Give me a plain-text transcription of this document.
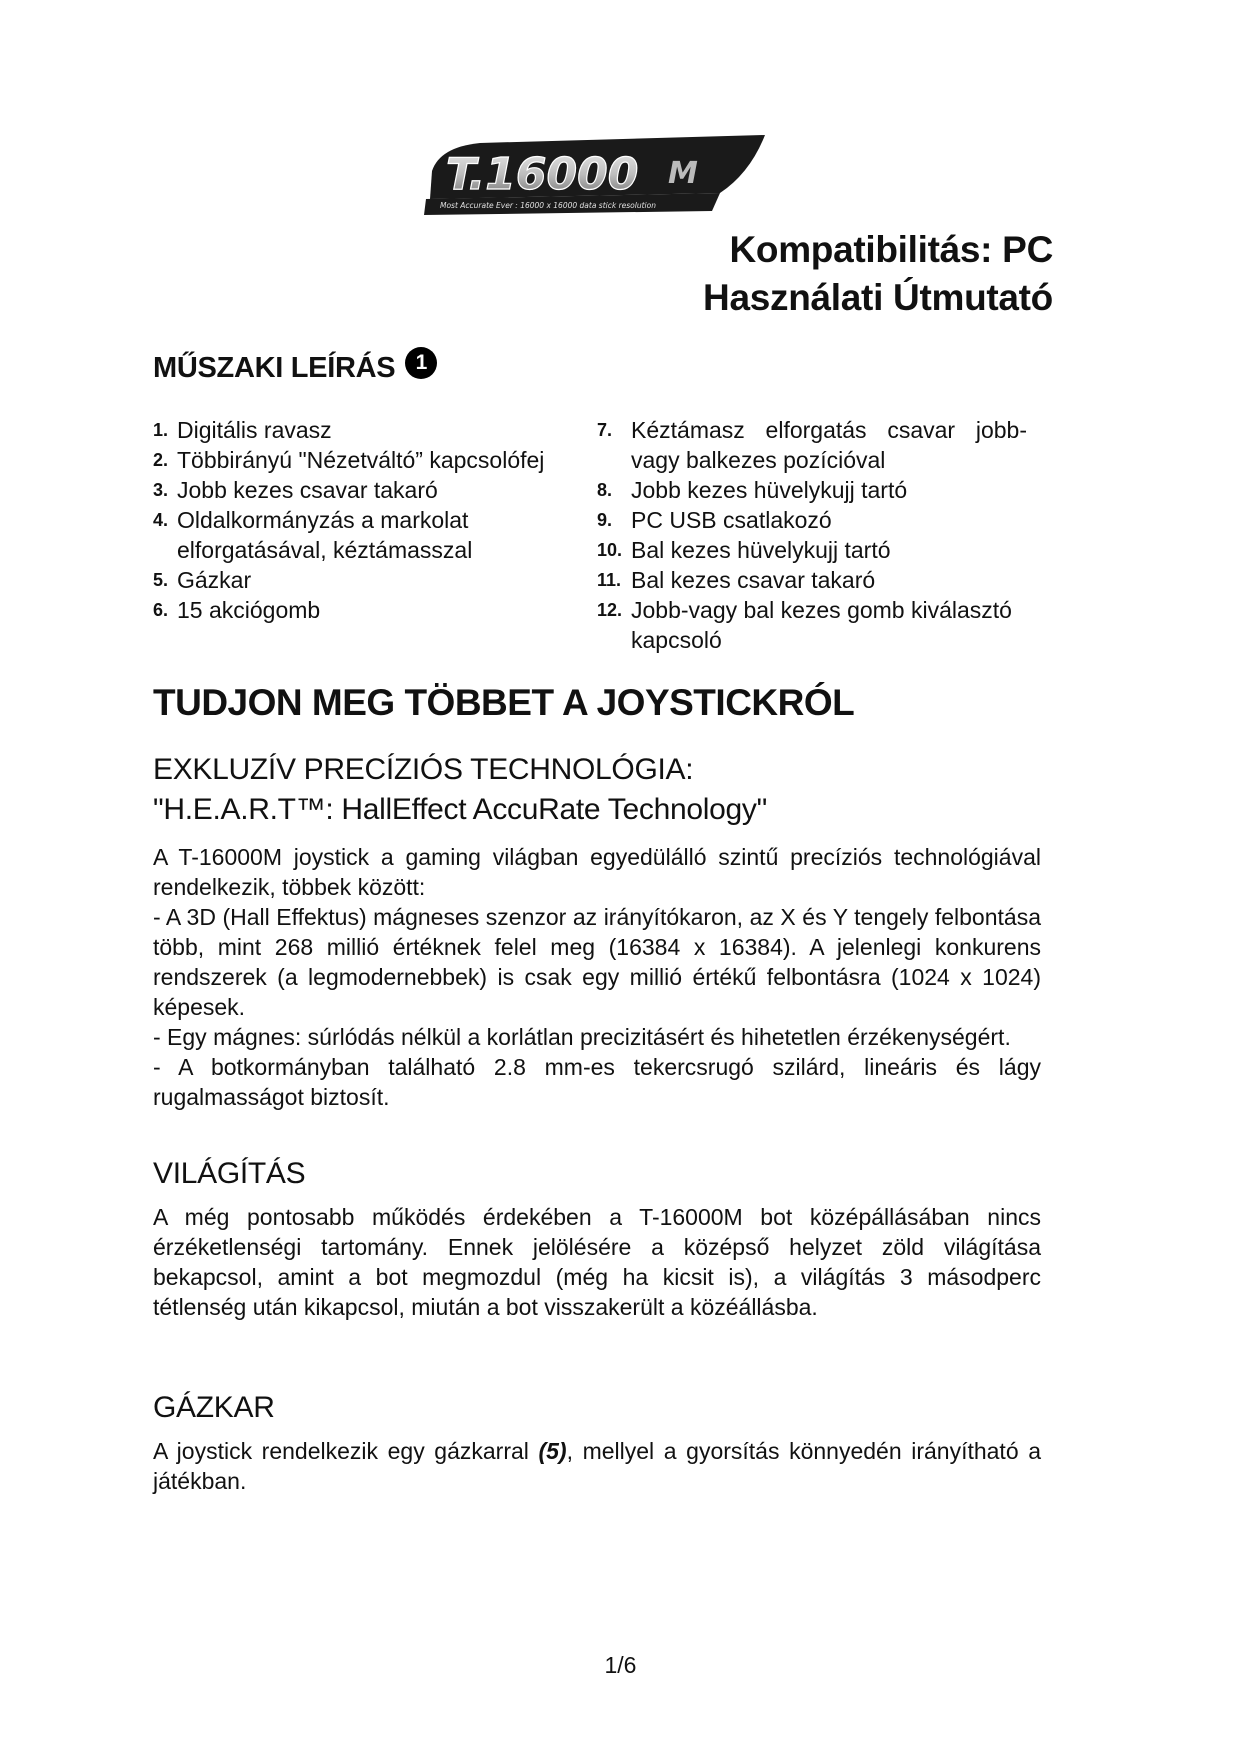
T.16000 M
Most Accurate Ever : 16000 x 16000 data stick resolution
Kompatibilitás: PC
Használati Útmutató
MŰSZAKI LEÍRÁS 1
1. Digitális ravasz
2. Többirányú "Nézetváltó” kapcsolófej
3. Jobb kezes csavar takaró
4. Oldalkormányzás a markolat elforgatásával, kéztámasszal
5. Gázkar
6. 15 akciógomb
7. Kéztámasz elforgatás csavar jobb-vagy balkezes pozícióval
8. Jobb kezes hüvelykujj tartó
9. PC USB csatlakozó
10. Bal kezes hüvelykujj tartó
11. Bal kezes csavar takaró
12. Jobb-vagy bal kezes gomb kiválasztó kapcsoló
TUDJON MEG TÖBBET A JOYSTICKRÓL
EXKLUZÍV PRECÍZIÓS TECHNOLÓGIA:
"H.E.A.R.T™: HallEffect AccuRate Technology"

A T-16000M joystick a gaming világban egyedülálló szintű precíziós technológiával rendelkezik, többek között:

- A 3D (Hall Effektus) mágneses szenzor az irányítókaron, az X és Y tengely felbontása több, mint 268 millió értéknek felel meg (16384 x 16384). A jelenlegi konkurens rendszerek (a legmodernebbek) is csak egy millió értékű felbontásra (1024 x 1024) képesek.

- Egy mágnes: súrlódás nélkül a korlátlan precizitásért és hihetetlen érzékenységért.

- A botkormányban található 2.8 mm-es tekercsrugó szilárd, lineáris és lágy rugalmasságot biztosít.

VILÁGÍTÁS

A még pontosabb működés érdekében a T-16000M bot középállásában nincs érzéketlenségi tartomány. Ennek jelölésére a középső helyzet zöld világítása bekapcsol, amint a bot megmozdul (még ha kicsit is), a világítás 3 másodperc tétlenség után kikapcsol, miután a bot visszakerült a közéállásba.

GÁZKAR

A joystick rendelkezik egy gázkarral (5), mellyel a gyorsítás könnyedén irányítható a játékban.

1/6
